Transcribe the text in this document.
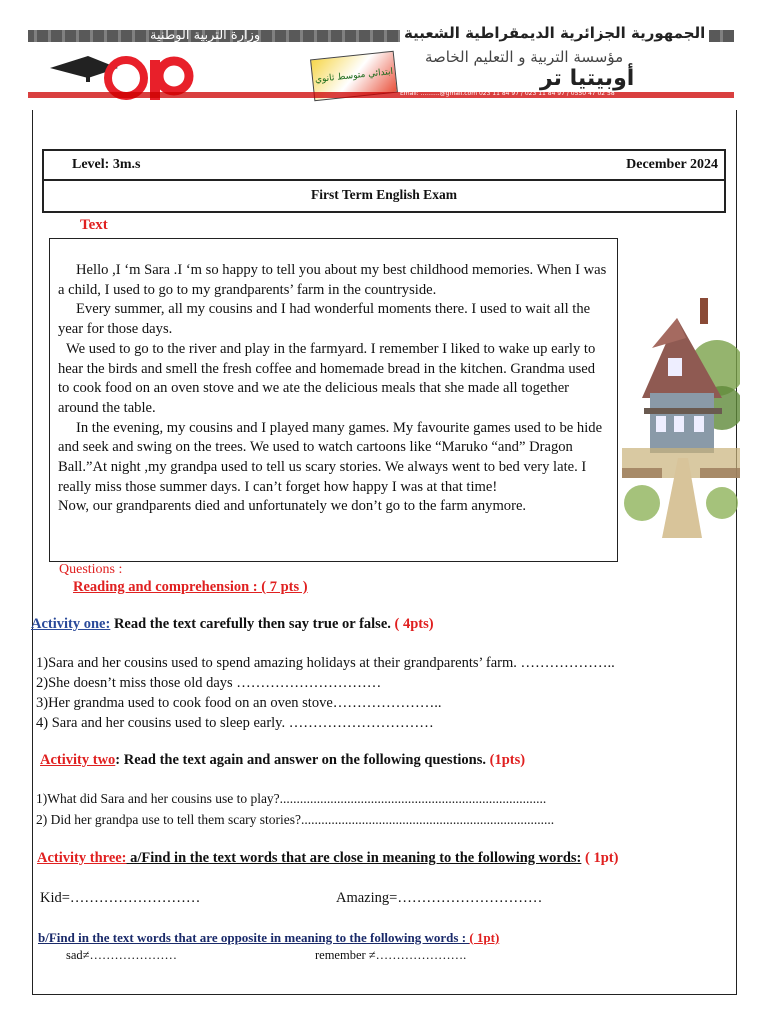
الجمهورية الجزائرية الديمقراطية الشعبية
وزارة التربية الوطنية
مؤسسة التربية و التعليم الخاصة
أوبيتيا تر
ابتدائي متوسط ثانوي
Email: ..........@gmail.com 023 11 84 97 / 023 11 84 97 / 0550 47 02 58
Level: 3m.s	December 2024
First Term English Exam
Text

Hello ,I ‘m Sara .I ‘m so happy to tell you about my best childhood memories. When I was a child, I used to go to my grandparents’ farm in the countryside.

Every summer, all my cousins and I had wonderful moments there. I used to wait all the year for those days.

We used to go to the river and play in the farmyard. I remember I liked to wake up early to hear the birds and smell the fresh coffee and homemade bread in the kitchen. Grandma used to cook food on an oven stove and we ate the delicious meals that she made all together around the table.

In the evening, my cousins and I played many games. My favourite games used to be hide and seek and swing on the trees. We used to watch cartoons like “Maruko “and” Dragon Ball.”At night ,my grandpa used to tell us scary stories. We always went to bed very late. I really miss those summer days. I can’t forget how happy I was at that time!

Now, our grandparents died and unfortunately we don’t go to the farm anymore.

Questions :
Reading and comprehension : ( 7 pts )
Activity one: Read the text carefully then say true or false. ( 4pts)
1)Sara and her cousins used to spend amazing holidays at their grandparents’ farm. ………………..
2)She doesn’t miss those old days …………………………
3)Her grandma used to cook food on an oven stove…………………..
4) Sara and her cousins used to sleep early. …………………………
Activity two: Read the text again and answer on the following questions. (1pts)
1)What did Sara and her cousins use to play?...............................................................................
2) Did her grandpa use to tell them scary stories?...........................................................................
Activity three: a/Find in the text words that are close in meaning to the following words: ( 1pt)
Kid=………………………	Amazing=…………………………
b/Find in the text words that are opposite in meaning to the following words : ( 1pt)
sad≠…………………	remember ≠………………….
